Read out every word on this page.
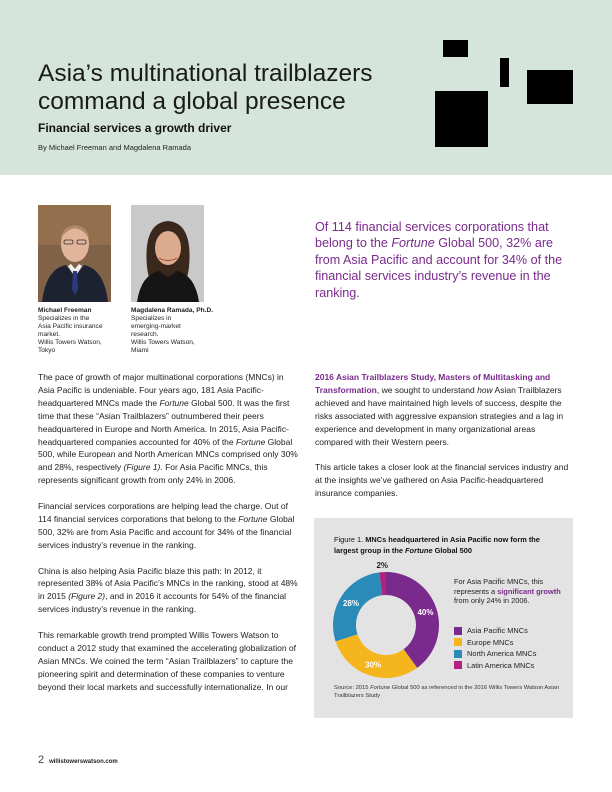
Asia’s multinational trailblazers
command a global presence
Financial services a growth driver
By Michael Freeman and Magdalena Ramada
Michael Freeman
Specializes in the
Asia Pacific insurance
market.
Willis Towers Watson,
Tokyo
Magdalena Ramada, Ph.D.
Specializes in
emerging-market
research.
Willis Towers Watson,
Miami
Of 114 financial services corporations that belong to the Fortune Global 500, 32% are from Asia Pacific and account for 34% of the financial services industry’s revenue in the ranking.

The pace of growth of major multinational corporations (MNCs) in Asia Pacific is undeniable. Four years ago, 181 Asia Pacific-headquartered MNCs made the Fortune Global 500. It was the first time that these “Asian Trailblazers” outnumbered their peers headquartered in Europe and North America. In 2015, Asia Pacific-headquartered companies accounted for 40% of the Fortune Global 500, while European and North American MNCs comprised only 30% and 28%, respectively (Figure 1). For Asia Pacific MNCs, this represents significant growth from only 24% in 2006.

Financial services corporations are helping lead the charge. Out of 114 financial services corporations that belong to the Fortune Global 500, 32% are from Asia Pacific and account for 34% of the financial services industry’s revenue in the ranking.

China is also helping Asia Pacific blaze this path: In 2012, it represented 38% of Asia Pacific’s MNCs in the ranking, stood at 48% in 2015 (Figure 2), and in 2016 it accounts for 54% of the financial services industry’s revenue in the ranking.

This remarkable growth trend prompted Willis Towers Watson to conduct a 2012 study that examined the accelerating globalization of Asian MNCs. We coined the term “Asian Trailblazers” to capture the pioneering spirit and determination of these companies to venture beyond their local markets and successfully internationalize. In our

2016 Asian Trailblazers Study, Masters of Multitasking and Transformation, we sought to understand how Asian Trailblazers achieved and have maintained high levels of success, despite the risks associated with aggressive expansion strategies and a lag in experience and development in many organizational areas compared with their Western peers.

This article takes a closer look at the financial services industry and at the insights we’ve gathered on Asia Pacific-headquartered insurance companies.

Figure 1. MNCs headquartered in Asia Pacific now form the largest group in the Fortune Global 500
40%
30%
28%
2%
For Asia Pacific MNCs, this represents a significant growth from only 24% in 2006.
Asia Pacific MNCs
Europe MNCs
North America MNCs
Latin America MNCs
Source: 2015 Fortune Global 500 as referenced in the 2016 Willis Towers Watson Asian Trailblazers Study
2 willistowerswatson.com
